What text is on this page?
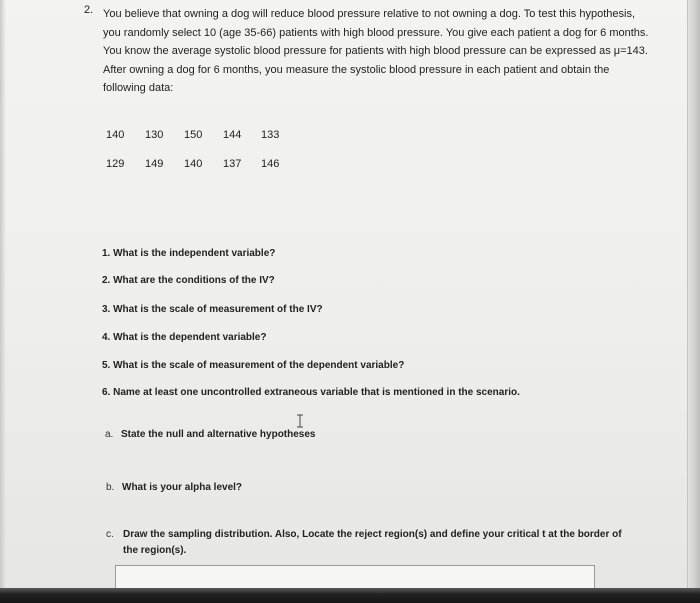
2. You believe that owning a dog will reduce blood pressure relative to not owning a dog. To test this hypothesis,
you randomly select 10 (age 35-66) patients with high blood pressure. You give each patient a dog for 6 months.
You know the average systolic blood pressure for patients with high blood pressure can be expressed as μ=143.
After owning a dog for 6 months, you measure the systolic blood pressure in each patient and obtain the
following data:
140 130 150 144 133
129 149 140 137 146
1. What is the independent variable?
2. What are the conditions of the IV?
3. What is the scale of measurement of the IV?
4. What is the dependent variable?
5. What is the scale of measurement of the dependent variable?
6. Name at least one uncontrolled extraneous variable that is mentioned in the scenario.
a. State the null and alternative hypotheses
b. What is your alpha level?
c. Draw the sampling distribution. Also, Locate the reject region(s) and define your critical t at the border of
the region(s).
